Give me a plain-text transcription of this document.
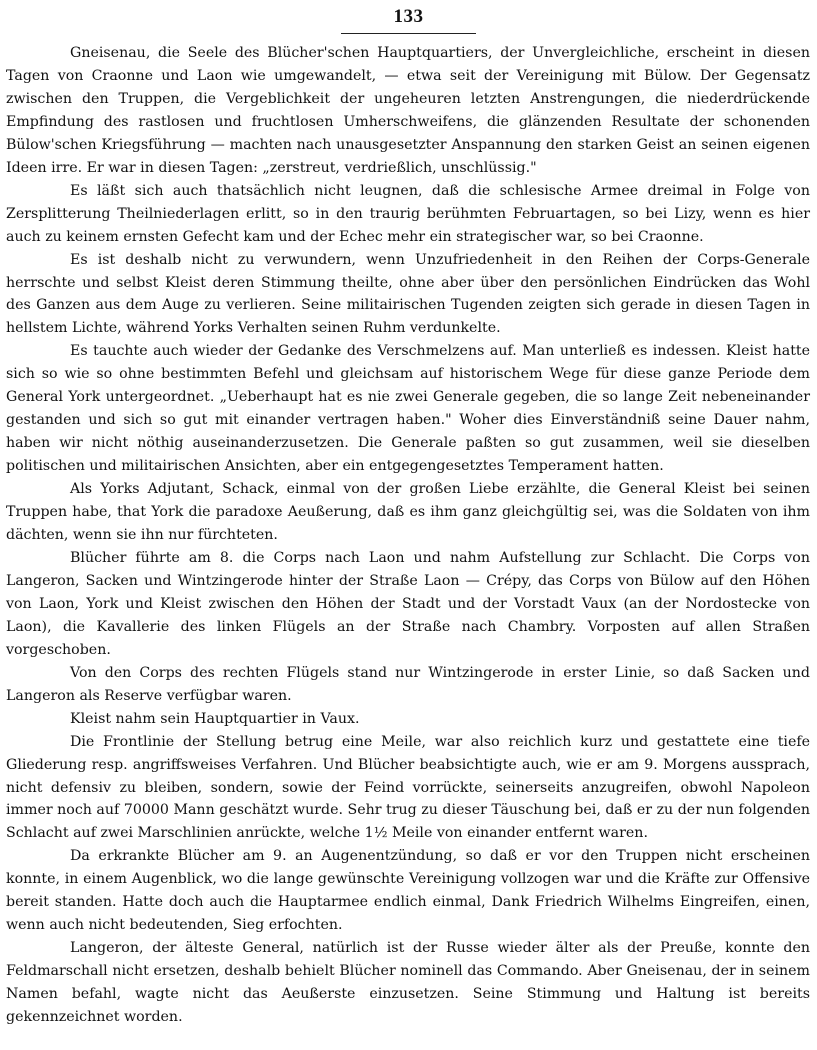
133

Gneisenau, die Seele des Blücher'schen Hauptquartiers, der Unvergleichliche, erscheint in diesen Tagen von Craonne und Laon wie umgewandelt, — etwa seit der Vereinigung mit Bülow. Der Gegensatz zwischen den Truppen, die Vergeblichkeit der ungeheuren letzten Anstrengungen, die niederdrückende Empfindung des rastlosen und fruchtlosen Umherschweifens, die glänzenden Resultate der schonenden Bülow'schen Kriegsführung — machten nach unausgesetzter Anspannung den starken Geist an seinen eigenen Ideen irre. Er war in diesen Tagen: „zerstreut, verdrießlich, unschlüssig."

Es läßt sich auch thatsächlich nicht leugnen, daß die schlesische Armee dreimal in Folge von Zersplitterung Theilniederlagen erlitt, so in den traurig berühmten Februartagen, so bei Lizy, wenn es hier auch zu keinem ernsten Gefecht kam und der Echec mehr ein strategischer war, so bei Craonne.

Es ist deshalb nicht zu verwundern, wenn Unzufriedenheit in den Reihen der Corps-Generale herrschte und selbst Kleist deren Stimmung theilte, ohne aber über den persönlichen Eindrücken das Wohl des Ganzen aus dem Auge zu verlieren. Seine militairischen Tugenden zeigten sich gerade in diesen Tagen in hellstem Lichte, während Yorks Verhalten seinen Ruhm verdunkelte.

Es tauchte auch wieder der Gedanke des Verschmelzens auf. Man unterließ es indessen. Kleist hatte sich so wie so ohne bestimmten Befehl und gleichsam auf historischem Wege für diese ganze Periode dem General York untergeordnet. „Ueberhaupt hat es nie zwei Generale gegeben, die so lange Zeit nebeneinander gestanden und sich so gut mit einander vertragen haben." Woher dies Einverständniß seine Dauer nahm, haben wir nicht nöthig auseinanderzusetzen. Die Generale paßten so gut zusammen, weil sie dieselben politischen und militairischen Ansichten, aber ein entgegengesetztes Temperament hatten.

Als Yorks Adjutant, Schack, einmal von der großen Liebe erzählte, die General Kleist bei seinen Truppen habe, that York die paradoxe Aeußerung, daß es ihm ganz gleichgültig sei, was die Soldaten von ihm dächten, wenn sie ihn nur fürchteten.

Blücher führte am 8. die Corps nach Laon und nahm Aufstellung zur Schlacht. Die Corps von Langeron, Sacken und Wintzingerode hinter der Straße Laon — Crépy, das Corps von Bülow auf den Höhen von Laon, York und Kleist zwischen den Höhen der Stadt und der Vorstadt Vaux (an der Nordostecke von Laon), die Kavallerie des linken Flügels an der Straße nach Chambry. Vorposten auf allen Straßen vorgeschoben.

Von den Corps des rechten Flügels stand nur Wintzingerode in erster Linie, so daß Sacken und Langeron als Reserve verfügbar waren.

Kleist nahm sein Hauptquartier in Vaux.

Die Frontlinie der Stellung betrug eine Meile, war also reichlich kurz und gestattete eine tiefe Gliederung resp. angriffsweises Verfahren. Und Blücher beabsichtigte auch, wie er am 9. Morgens aussprach, nicht defensiv zu bleiben, sondern, sowie der Feind vorrückte, seinerseits anzugreifen, obwohl Napoleon immer noch auf 70000 Mann geschätzt wurde. Sehr trug zu dieser Täuschung bei, daß er zu der nun folgenden Schlacht auf zwei Marschlinien anrückte, welche 1½ Meile von einander entfernt waren.

Da erkrankte Blücher am 9. an Augenentzündung, so daß er vor den Truppen nicht erscheinen konnte, in einem Augenblick, wo die lange gewünschte Vereinigung vollzogen war und die Kräfte zur Offensive bereit standen. Hatte doch auch die Hauptarmee endlich einmal, Dank Friedrich Wilhelms Eingreifen, einen, wenn auch nicht bedeutenden, Sieg erfochten.

Langeron, der älteste General, natürlich ist der Russe wieder älter als der Preuße, konnte den Feldmarschall nicht ersetzen, deshalb behielt Blücher nominell das Commando. Aber Gneisenau, der in seinem Namen befahl, wagte nicht das Aeußerste einzusetzen. Seine Stimmung und Haltung ist bereits gekennzeichnet worden.
